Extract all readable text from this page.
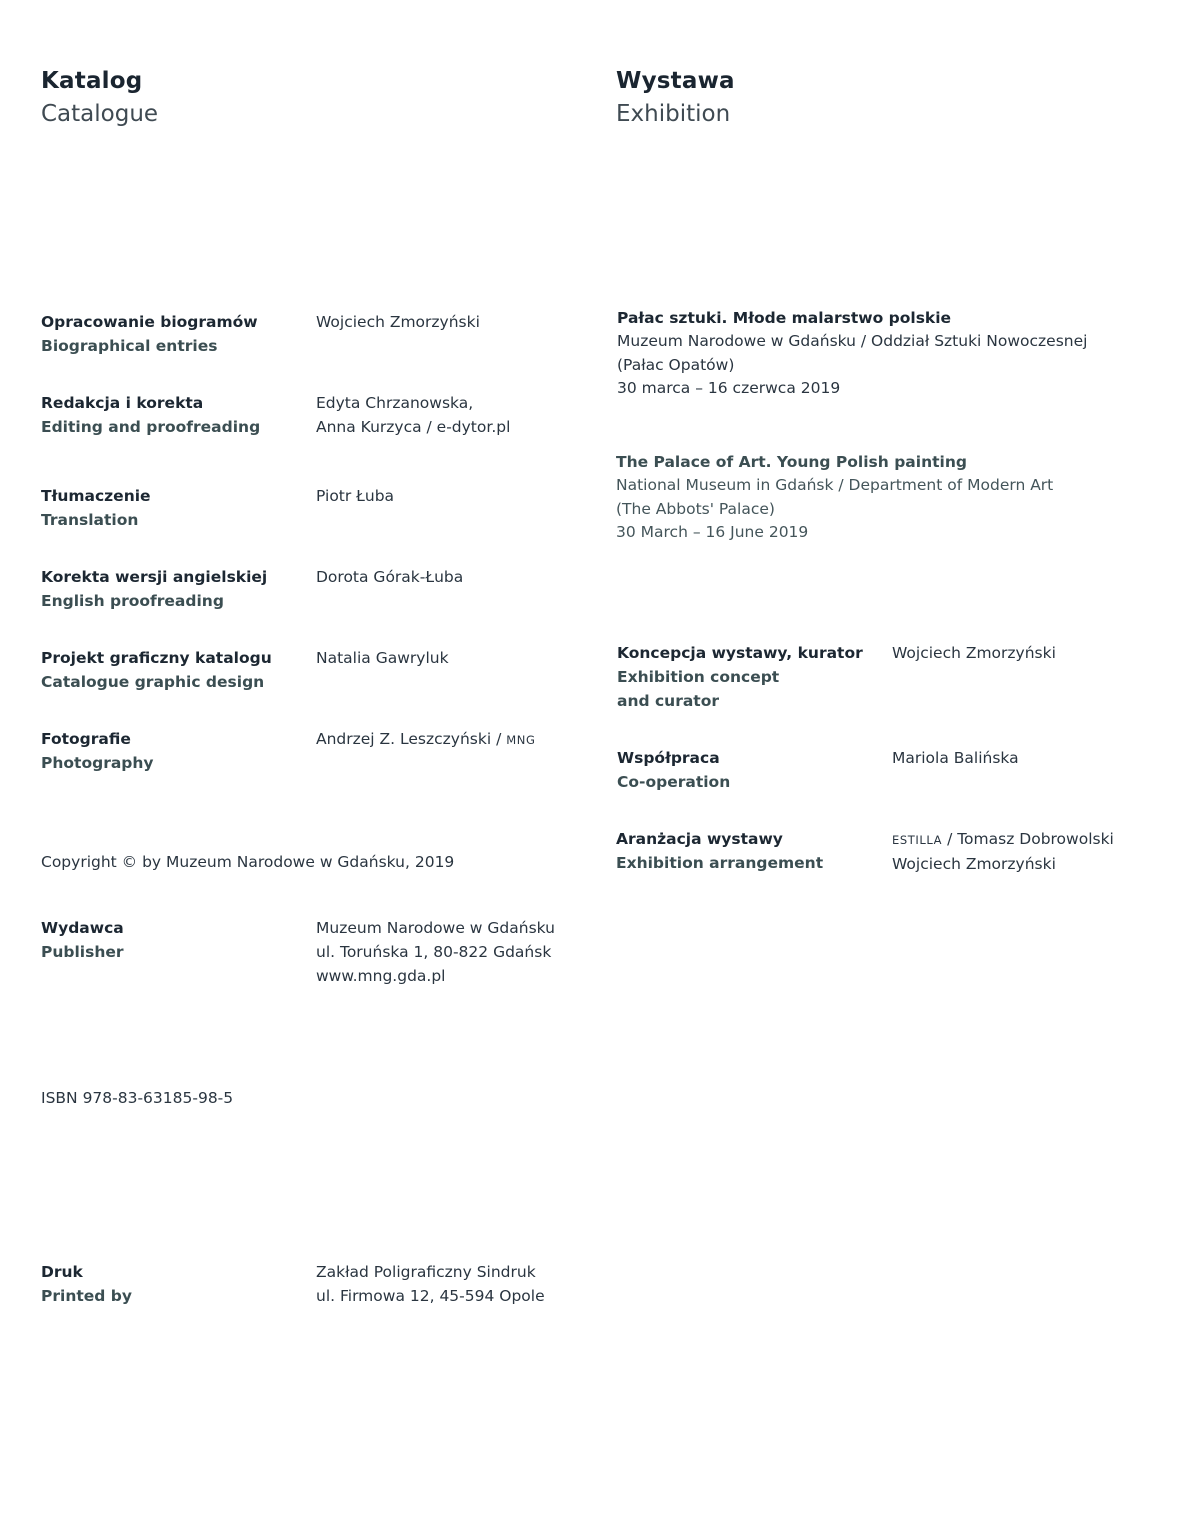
Katalog
Catalogue
Opracowanie biogramów
Biographical entries
Wojciech Zmorzyński
Redakcja i korekta
Editing and proofreading
Edyta Chrzanowska,
Anna Kurzyca / e-dytor.pl
Tłumaczenie
Translation
Piotr Łuba
Korekta wersji angielskiej
English proofreading
Dorota Górak-Łuba
Projekt graficzny katalogu
Catalogue graphic design
Natalia Gawryluk
Fotografie
Photography
Andrzej Z. Leszczyński / MNG
Copyright © by Muzeum Narodowe w Gdańsku, 2019
Wydawca
Publisher
Muzeum Narodowe w Gdańsku
ul. Toruńska 1, 80-822 Gdańsk
www.mng.gda.pl
ISBN 978-83-63185-98-5
Druk
Printed by
Zakład Poligraficzny Sindruk
ul. Firmowa 12, 45-594 Opole
Wystawa
Exhibition
Pałac sztuki. Młode malarstwo polskie
Muzeum Narodowe w Gdańsku / Oddział Sztuki Nowoczesnej
(Pałac Opatów)
30 marca – 16 czerwca 2019
The Palace of Art. Young Polish painting
National Museum in Gdańsk / Department of Modern Art
(The Abbots' Palace)
30 March – 16 June 2019
Koncepcja wystawy, kurator
Exhibition concept
and curator
Wojciech Zmorzyński
Współpraca
Co-operation
Mariola Balińska
Aranżacja wystawy
Exhibition arrangement
ESTILLA / Tomasz Dobrowolski
Wojciech Zmorzyński
